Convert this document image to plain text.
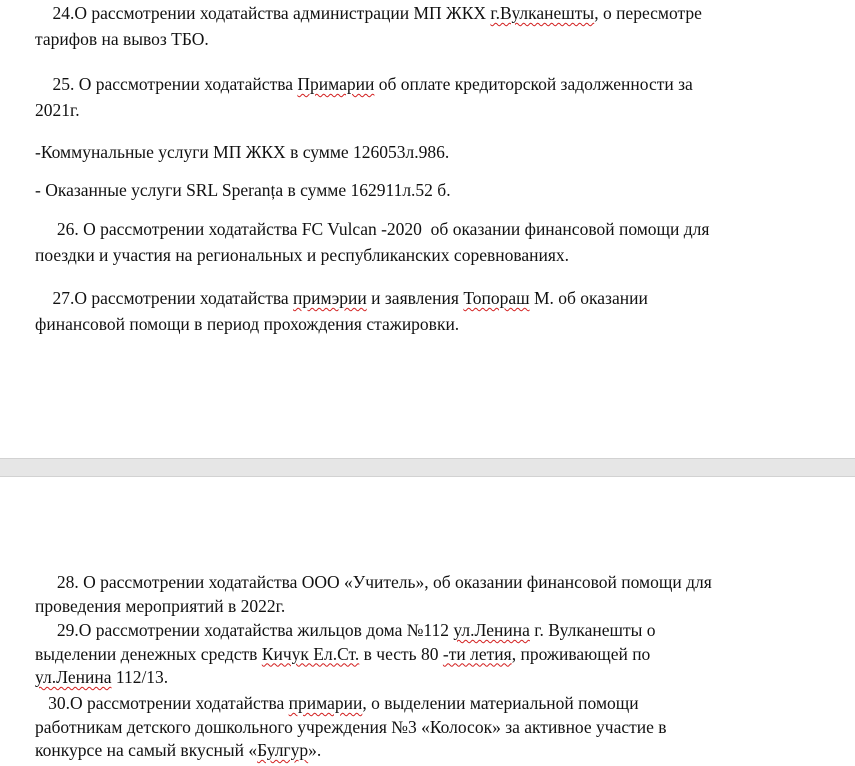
24.О рассмотрении ходатайства администрации МП ЖКХ г.Вулканешты, о пересмотре
тарифов на вывоз ТБО.

25. О рассмотрении ходатайства Примарии об оплате кредиторской задолженности за
2021г.

-Коммунальные услуги МП ЖКХ в сумме 126053л.986.

- Оказанные услуги SRL Speranța в сумме 162911л.52 б.

26. О рассмотрении ходатайства FC Vulcan -2020  об оказании финансовой помощи для
поездки и участия на региональных и республиканских соревнованиях.

27.О рассмотрении ходатайства примэрии и заявления Топораш М. об оказании
финансовой помощи в период прохождения стажировки.

28. О рассмотрении ходатайства ООО «Учитель», об оказании финансовой помощи для
проведения мероприятий в 2022г.

29.О рассмотрении ходатайства жильцов дома №112 ул.Ленина г. Вулканешты о
выделении денежных средств Кичук Ел.Ст. в честь 80 -ти летия, проживающей по
ул.Ленина 112/13.

30.О рассмотрении ходатайства примарии, о выделении материальной помощи
работникам детского дошкольного учреждения №3 «Колосок» за активное участие в
конкурсе на самый вкусный «Булгур».
